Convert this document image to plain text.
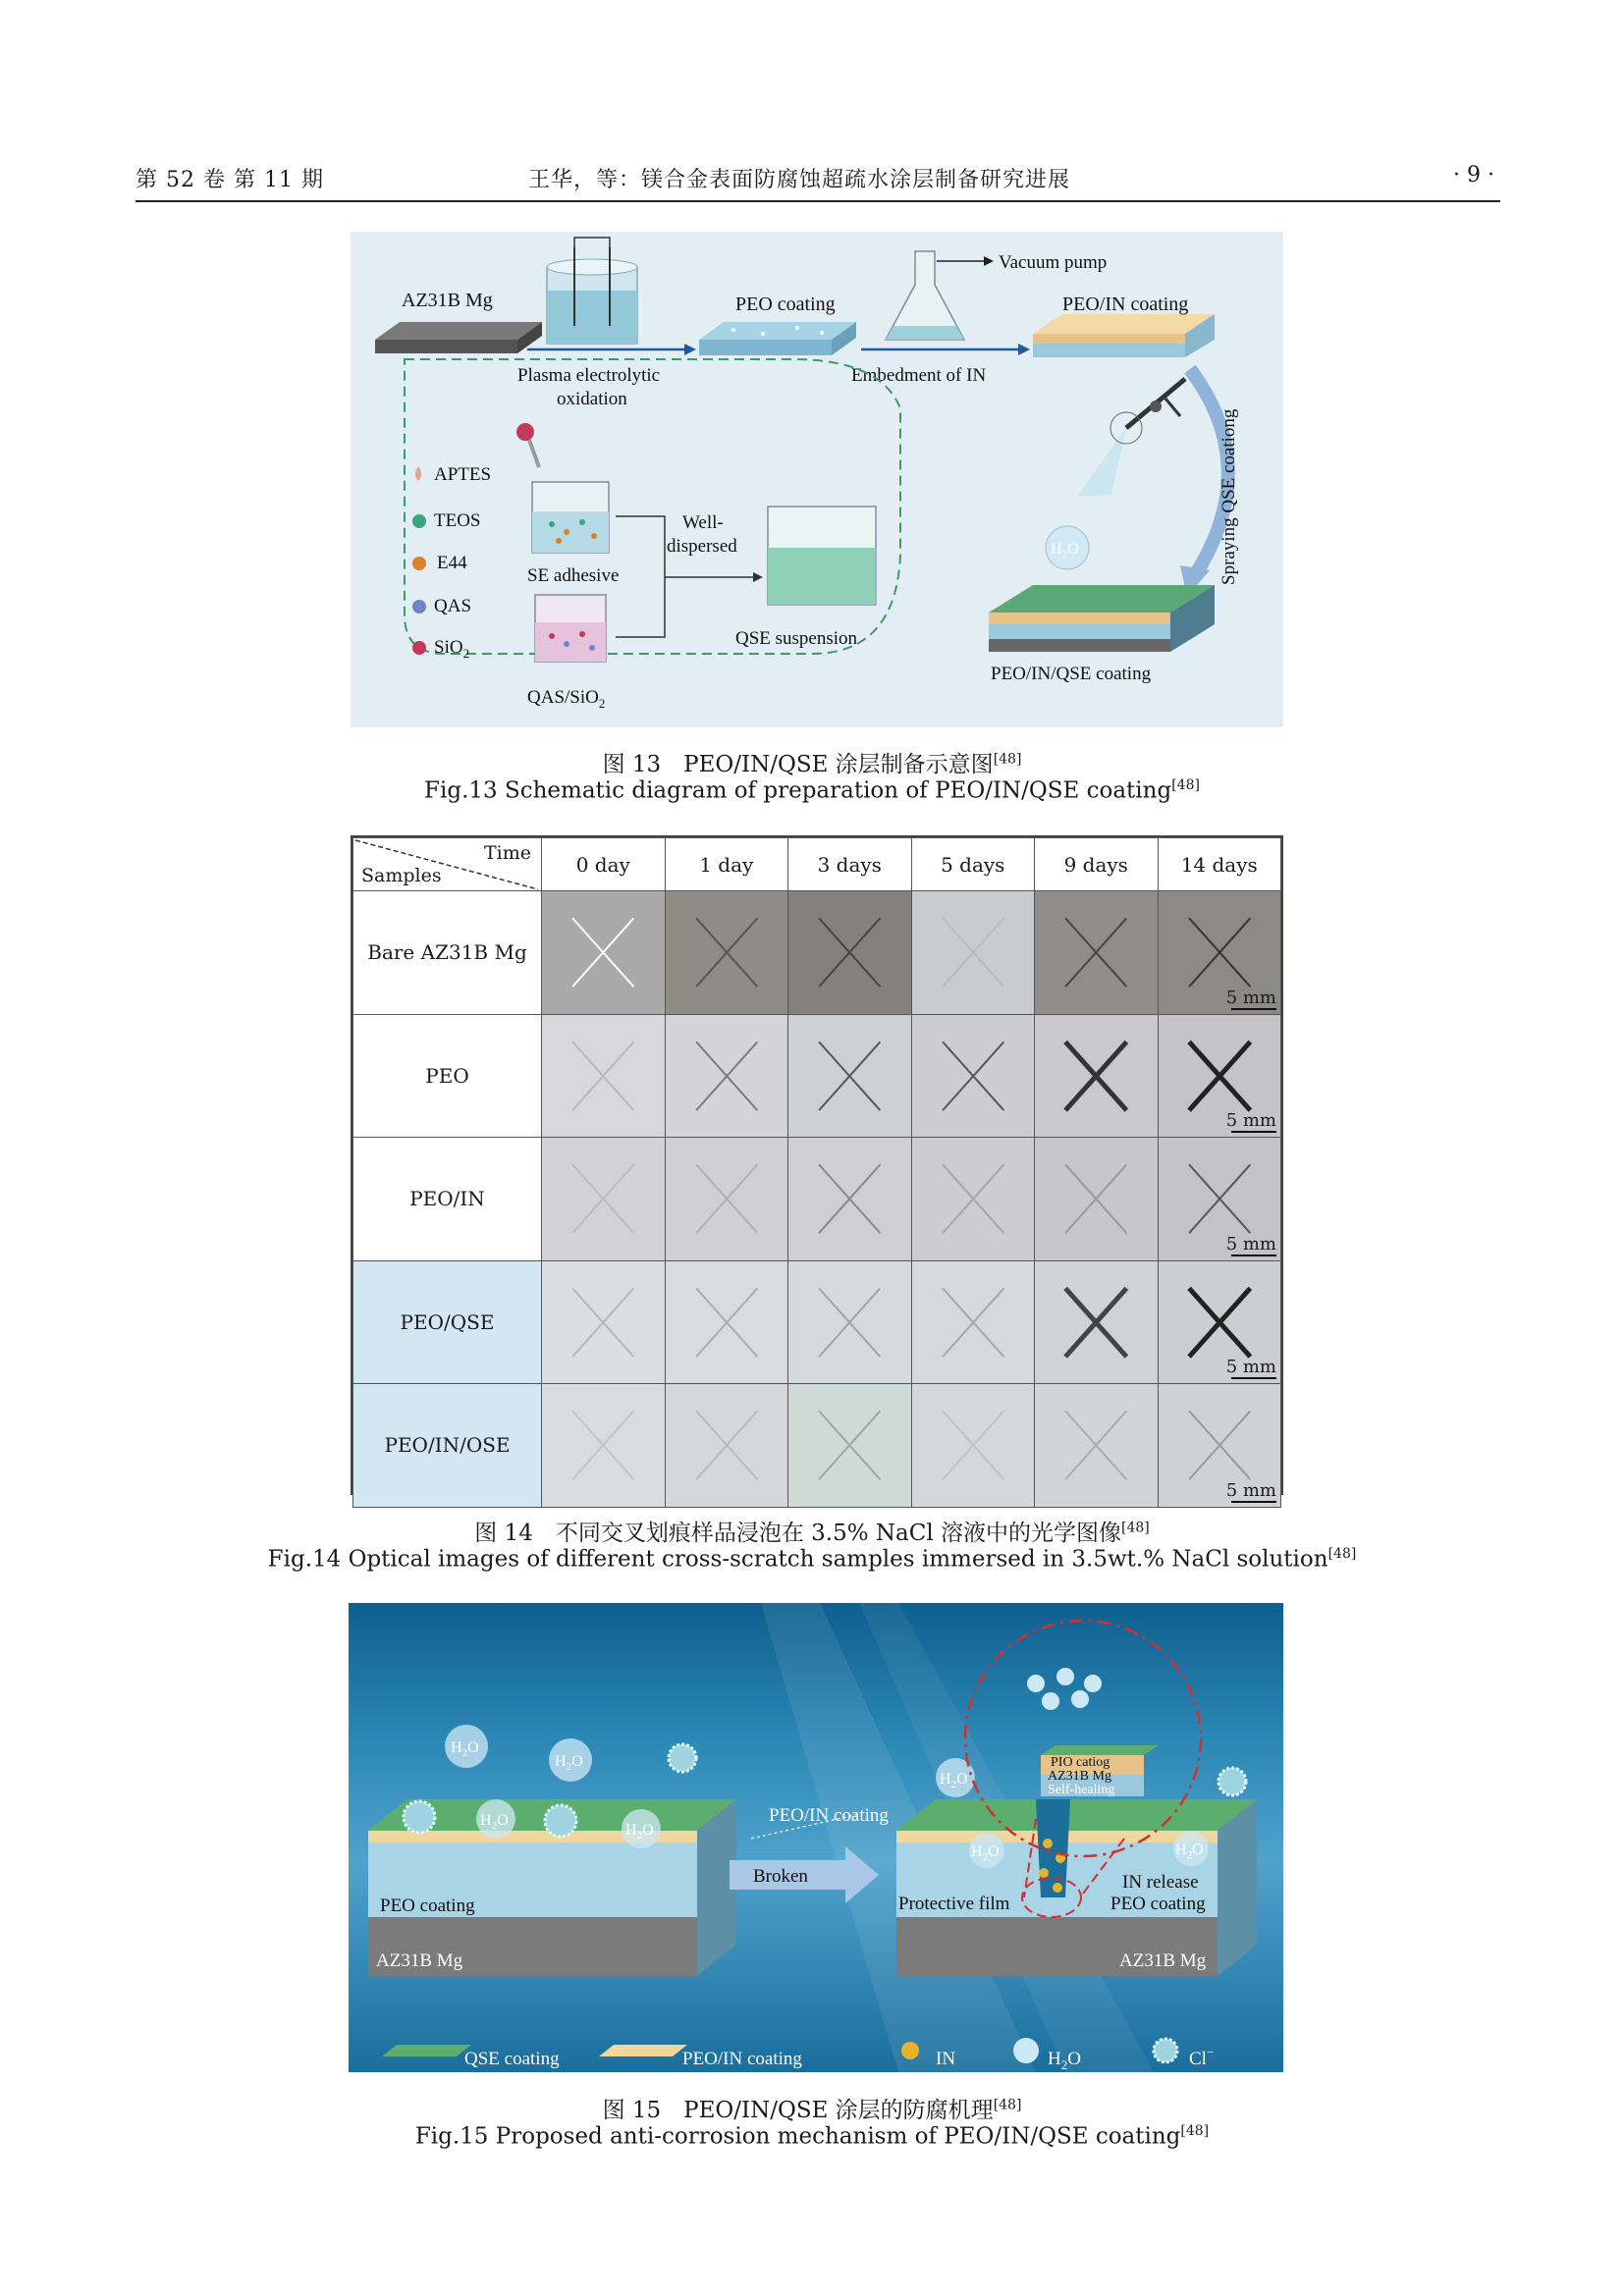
第 52 卷 第 11 期	王华，等：镁合金表面防腐蚀超疏水涂层制备研究进展	· 9 ·
AZ31B Mg
Plasma electrolytic
oxidation
PEO coating
Vacuum pump
Embedment of IN
PEO/IN coating
Spraying QSE coationg
APTES
TEOS
E44
QAS
SiO$_2$
SE adhesive
QAS/SiO$_2$
Well-
dispersed
QSE suspension
$H_2O$
PEO/IN/QSE coating
图 13　PEO/IN/QSE 涂层制备示意图[48]
Fig.13 Schematic diagram of preparation of PEO/IN/QSE coating[48]
Time
Samples	0 day	1 day	3 days	5 days	9 days	14 days
Bare AZ31B Mg						5 mm

PEO						5 mm

PEO/IN						5 mm

PEO/QSE						5 mm

PEO/IN/OSE						5 mm
图 14　不同交叉划痕样品浸泡在 3.5% NaCl 溶液中的光学图像[48]
Fig.14 Optical images of different cross-scratch samples immersed in 3.5wt.% NaCl solution[48]
PEO coating
AZ31B Mg
$H_2O$
$H_2O$
$H_2O$
$H_2O$
Broken
Protective film
IN release
PEO coating
AZ31B Mg
PEO/IN coating
$H_2O$
$H_2O$	$H_2O$
PIO catiog
AZ31B Mg
Self-healing
QSE coating	PEO/IN coating	IN	$H_2O$	Cl−
图 15　PEO/IN/QSE 涂层的防腐机理[48]
Fig.15 Proposed anti-corrosion mechanism of PEO/IN/QSE coating[48]
